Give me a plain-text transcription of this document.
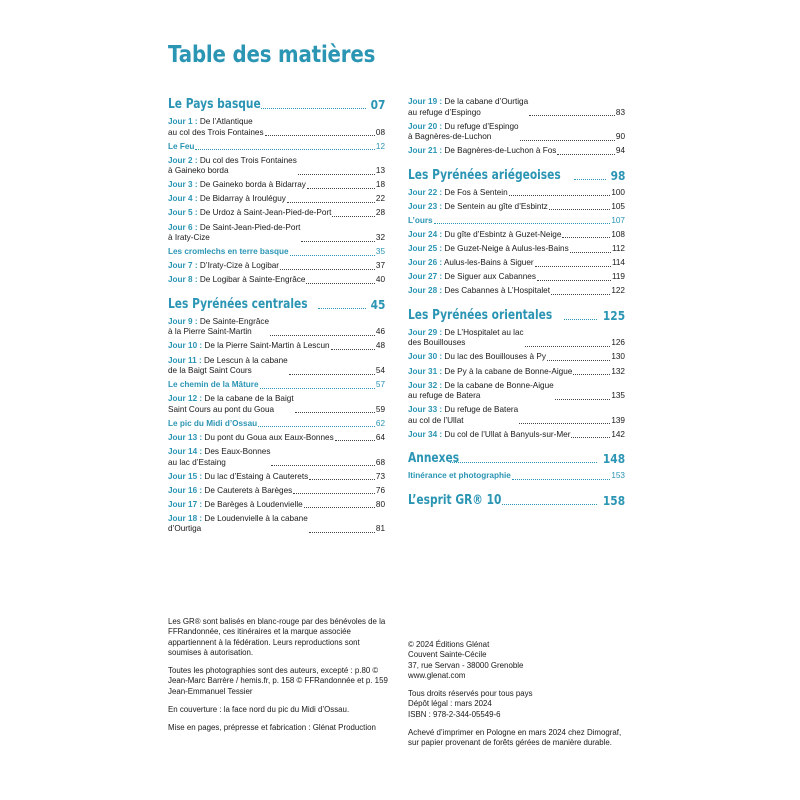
Table des matières
Le Pays basque	07
Jour 1 : De l’Atlantique
au col des Trois Fontaines	08
Le Feu	12
Jour 2 : Du col des Trois Fontaines
à Gaineko borda	13
Jour 3 : De Gaineko borda à Bidarray	18
Jour 4 : De Bidarray à Irouléguy	22
Jour 5 : De Urdoz à Saint-Jean-Pied-de-Port	28
Jour 6 : De Saint-Jean-Pied-de-Port
à Iraty-Cize	32
Les cromlechs en terre basque	35
Jour 7 : D’Iraty-Cize à Logibar	37
Jour 8 : De Logibar à Sainte-Engrâce	40
Les Pyrénées centrales	45
Jour 9 : De Sainte-Engrâce
à la Pierre Saint-Martin	46
Jour 10 : De la Pierre Saint-Martin à Lescun	48
Jour 11 : De Lescun à la cabane
de la Baigt Saint Cours	54
Le chemin de la Mâture	57
Jour 12 : De la cabane de la Baigt
Saint Cours au pont du Goua	59
Le pic du Midi d’Ossau	62
Jour 13 : Du pont du Goua aux Eaux-Bonnes	64
Jour 14 : Des Eaux-Bonnes
au lac d’Estaing	68
Jour 15 : Du lac d’Estaing à Cauterets	73
Jour 16 : De Cauterets à Barèges	76
Jour 17 : De Barèges à Loudenvielle	80
Jour 18 : De Loudenvielle à la cabane
d’Ourtiga	81
Jour 19 : De la cabane d’Ourtiga
au refuge d’Espingo	83
Jour 20 : Du refuge d’Espingo
à Bagnères-de-Luchon	90
Jour 21 : De Bagnères-de-Luchon à Fos	94
Les Pyrénées ariégeoises	98
Jour 22 : De Fos à Sentein	100
Jour 23 : De Sentein au gîte d’Esbintz	105
L’ours	107
Jour 24 : Du gîte d’Esbintz à Guzet-Neige	108
Jour 25 : De Guzet-Neige à Aulus-les-Bains	112
Jour 26 : Aulus-les-Bains à Siguer	114
Jour 27 : De Siguer aux Cabannes	119
Jour 28 : Des Cabannes à L’Hospitalet	122
Les Pyrénées orientales	125
Jour 29 : De L’Hospitalet au lac
des Bouillouses	126
Jour 30 : Du lac des Bouillouses à Py	130
Jour 31 : De Py à la cabane de Bonne-Aigue	132
Jour 32 : De la cabane de Bonne-Aigue
au refuge de Batera	135
Jour 33 : Du refuge de Batera
au col de l’Ullat	139
Jour 34 : Du col de l’Ullat à Banyuls-sur-Mer	142
Annexes	148
Itinérance et photographie	153
L’esprit GR® 10	158

Les GR® sont balisés en blanc-rouge par des bénévoles de la FFRandonnée, ces itinéraires et la marque associée appartiennent à la fédération. Leurs reproductions sont soumises à autorisation.

Toutes les photographies sont des auteurs, excepté : p.80 © Jean-Marc Barrère / hemis.fr, p. 158 © FFRandonnée et p. 159 Jean-Emmanuel Tessier

En couverture : la face nord du pic du Midi d’Ossau.

Mise en pages, prépresse et fabrication : Glénat Production

© 2024 Éditions Glénat
Couvent Sainte-Cécile
37, rue Servan - 38000 Grenoble
www.glenat.com

Tous droits réservés pour tous pays
Dépôt légal : mars 2024
ISBN : 978-2-344-05549-6

Achevé d’imprimer en Pologne en mars 2024 chez Dimograf, sur papier provenant de forêts gérées de manière durable.
